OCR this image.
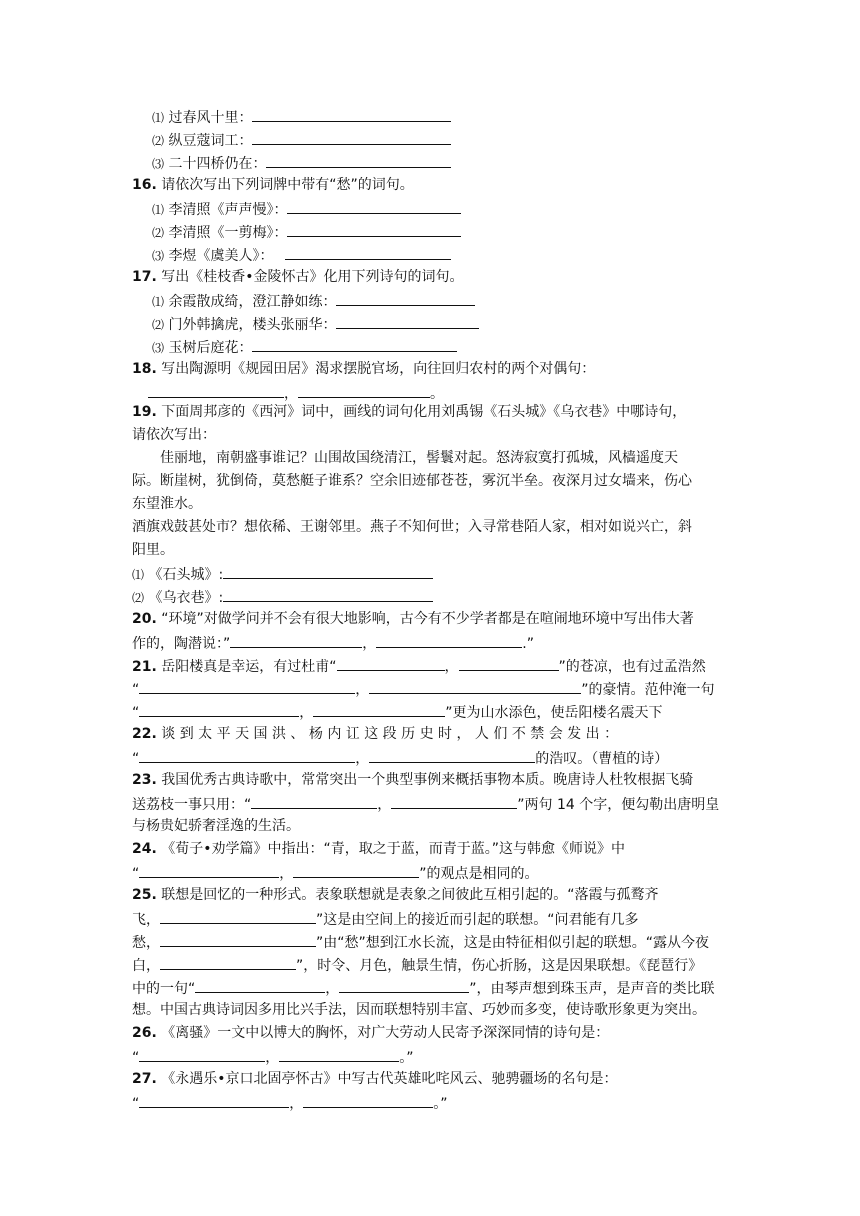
⑴ 过春风十里：
⑵ 纵豆蔻词工：
⑶ 二十四桥仍在：
16. 请依次写出下列词牌中带有“愁”的词句。
⑴ 李清照《声声慢》：
⑵ 李清照《一剪梅》：
⑶ 李煜《虞美人》：
17. 写出《桂枝香•金陵怀古》化用下列诗句的词句。
⑴ 余霞散成绮，澄江静如练：
⑵ 门外韩擒虎，楼头张丽华：
⑶ 玉树后庭花：
18. 写出陶源明《规园田居》渴求摆脱官场，向往回归农村的两个对偶句：
，	。
19. 下面周邦彦的《西河》词中，画线的词句化用刘禹锡《石头城》《乌衣巷》中哪诗句，
请依次写出：
佳丽地，南朝盛事谁记？山围故国绕清江，髻鬟对起。怒涛寂寞打孤城，风樯遥度天
际。断崖树，犹倒倚，莫愁艇子谁系？空余旧迹郁苍苍，雾沉半垒。夜深月过女墙来，伤心
东望淮水。
酒旗戏鼓甚处市？想依稀、王谢邻里。燕子不知何世；入寻常巷陌人家，相对如说兴亡，斜
阳里。
⑴ 《石头城》:
⑵ 《乌衣巷》:
20. “环境”对做学问并不会有很大地影响，古今有不少学者都是在喧闹地环境中写出伟大著
作的，陶潜说：”	，	.”
21. 岳阳楼真是幸运，有过杜甫“	，	”的苍凉，也有过孟浩然
“	，	”的豪情。范仲淹一句
“	，	”更为山水添色，使岳阳楼名震天下
22. 谈 到 太 平 天 国 洪 、 杨 内 讧 这 段 历 史 时 ， 人 们 不 禁 会 发 出 ：
“	，	的浩叹。（曹植的诗）
23. 我国优秀古典诗歌中，常常突出一个典型事例来概括事物本质。晚唐诗人杜牧根据飞骑
送荔枝一事只用：“	，	”两句 14 个字，便勾勒出唐明皇
与杨贵妃骄奢淫逸的生活。
24. 《荀子•劝学篇》中指出：“青，取之于蓝，而青于蓝。”这与韩愈《师说》中
“	，	”的观点是相同的。
25. 联想是回忆的一种形式。表象联想就是表象之间彼此互相引起的。“落霞与孤鹜齐
飞，	”这是由空间上的接近而引起的联想。“问君能有几多
愁，	”由“愁”想到江水长流，这是由特征相似引起的联想。“露从今夜
白，	”，时令、月色，触景生情，伤心折肠，这是因果联想。《琵琶行》
中的一句“	，	”，由琴声想到珠玉声，是声音的类比联
想。中国古典诗词因多用比兴手法，因而联想特别丰富、巧妙而多变，使诗歌形象更为突出。
26. 《离骚》一文中以博大的胸怀，对广大劳动人民寄予深深同情的诗句是：
“	，	。”
27. 《永遇乐•京口北固亭怀古》中写古代英雄叱咤风云、驰骋疆场的名句是：
“	，	。”
